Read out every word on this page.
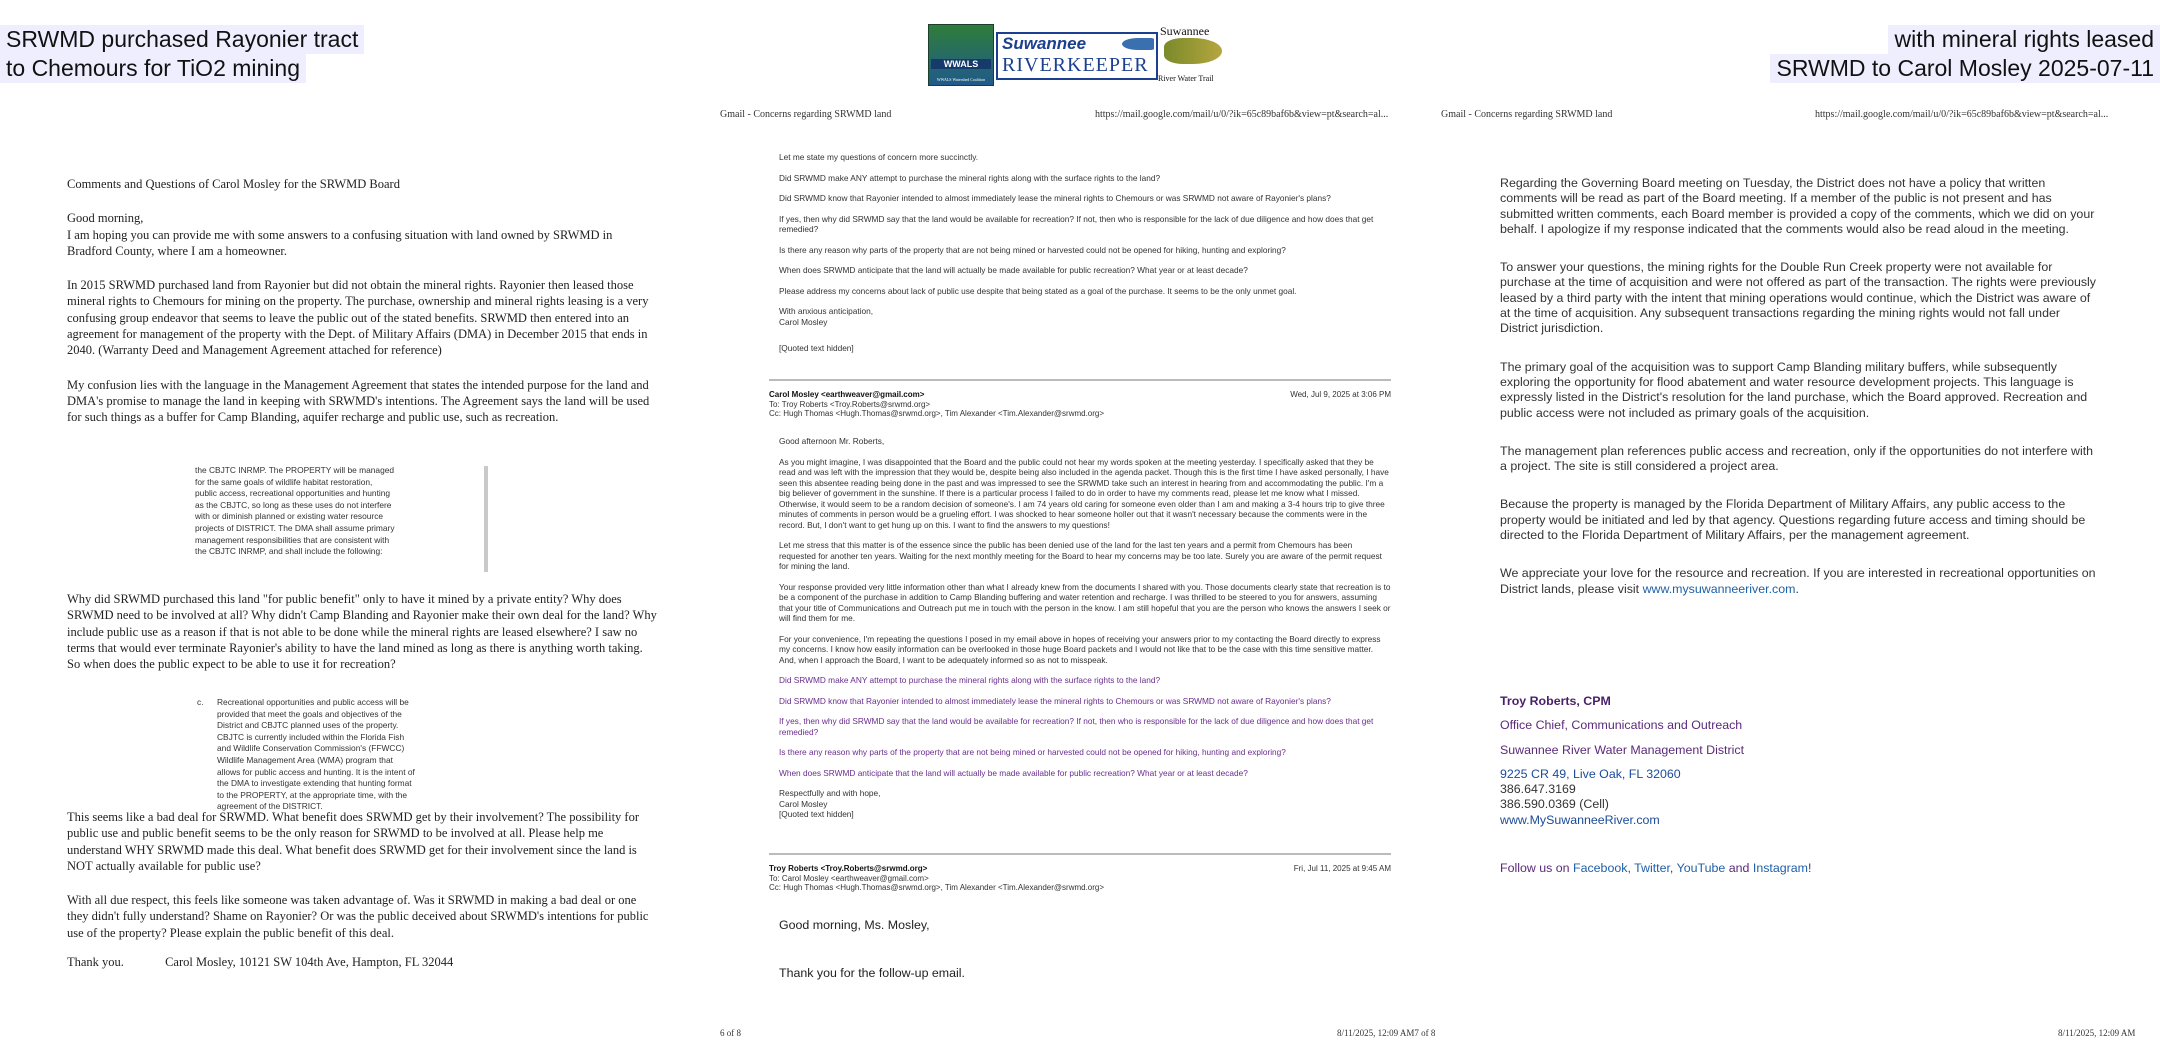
SRWMD purchased Rayonier tract
to Chemours for TiO2 mining
with mineral rights leased
SRWMD to Carol Mosley 2025-07-11
WWALS
WWALS Watershed Coalition
Suwannee
RIVERKEEPER
Suwannee
River Water Trail
Gmail - Concerns regarding SRWMD land	https://mail.google.com/mail/u/0/?ik=65c89baf6b&view=pt&search=al...	Gmail - Concerns regarding SRWMD land	https://mail.google.com/mail/u/0/?ik=65c89baf6b&view=pt&search=al...

Comments and Questions of Carol Mosley for the SRWMD Board

Good morning,

I am hoping you can provide me with some answers to a confusing situation with land owned by SRWMD in Bradford County, where I am a homeowner.

In 2015 SRWMD purchased land from Rayonier but did not obtain the mineral rights. Rayonier then leased those mineral rights to Chemours for mining on the property. The purchase, ownership and mineral rights leasing is a very confusing group endeavor that seems to leave the public out of the stated benefits. SRWMD then entered into an agreement for management of the property with the Dept. of Military Affairs (DMA) in December 2015 that ends in 2040. (Warranty Deed and Management Agreement attached for reference)

My confusion lies with the language in the Management Agreement that states the intended purpose for the land and DMA's promise to manage the land in keeping with SRWMD's intentions. The Agreement says the land will be used for such things as a buffer for Camp Blanding, aquifer recharge and public use, such as recreation.

the CBJTC INRMP. The PROPERTY will be managed for the same goals of wildlife habitat restoration, public access, recreational opportunities and hunting as the CBJTC, so long as these uses do not interfere with or diminish planned or existing water resource projects of DISTRICT. The DMA shall assume primary management responsibilities that are consistent with the CBJTC INRMP, and shall include the following:
Why did SRWMD purchased this land "for public benefit" only to have it mined by a private entity? Why does SRWMD need to be involved at all? Why didn't Camp Blanding and Rayonier make their own deal for the land? Why include public use as a reason if that is not able to be done while the mineral rights are leased elsewhere? I saw no terms that would ever terminate Rayonier's ability to have the land mined as long as there is anything worth taking. So when does the public expect to be able to use it for recreation?
c. Recreational opportunities and public access will be provided that meet the goals and objectives of the District and CBJTC planned uses of the property. CBJTC is currently included within the Florida Fish and Wildlife Conservation Commission's (FFWCC) Wildlife Management Area (WMA) program that allows for public access and hunting. It is the intent of the DMA to investigate extending that hunting format to the PROPERTY, at the appropriate time, with the agreement of the DISTRICT.

This seems like a bad deal for SRWMD. What benefit does SRWMD get by their involvement? The possibility for public use and public benefit seems to be the only reason for SRWMD to be involved at all. Please help me understand WHY SRWMD made this deal. What benefit does SRWMD get for their involvement since the land is NOT actually available for public use?

With all due respect, this feels like someone was taken advantage of. Was it SRWMD in making a bad deal or one they didn't fully understand? Shame on Rayonier? Or was the public deceived about SRWMD's intentions for public use of the property? Please explain the public benefit of this deal.

Thank you.	Carol Mosley, 10121 SW 104th Ave, Hampton, FL 32044
Let me state my questions of concern more succinctly.
Did SRWMD make ANY attempt to purchase the mineral rights along with the surface rights to the land?
Did SRWMD know that Rayonier intended to almost immediately lease the mineral rights to Chemours or was SRWMD not aware of Rayonier's plans?
If yes, then why did SRWMD say that the land would be available for recreation? If not, then who is responsible for the lack of due diligence and how does that get remedied?
Is there any reason why parts of the property that are not being mined or harvested could not be opened for hiking, hunting and exploring?
When does SRWMD anticipate that the land will actually be made available for public recreation? What year or at least decade?
Please address my concerns about lack of public use despite that being stated as a goal of the purchase. It seems to be the only unmet goal.
With anxious anticipation,
Carol Mosley
[Quoted text hidden]
Carol Mosley <earthweaver@gmail.com>	Wed, Jul 9, 2025 at 3:06 PM
To: Troy Roberts <Troy.Roberts@srwmd.org>
Cc: Hugh Thomas <Hugh.Thomas@srwmd.org>, Tim Alexander <Tim.Alexander@srwmd.org>
Good afternoon Mr. Roberts,
As you might imagine, I was disappointed that the Board and the public could not hear my words spoken at the meeting yesterday. I specifically asked that they be read and was left with the impression that they would be, despite being also included in the agenda packet. Though this is the first time I have asked personally, I have seen this absentee reading being done in the past and was impressed to see the SRWMD take such an interest in hearing from and accommodating the public. I'm a big believer of government in the sunshine. If there is a particular process I failed to do in order to have my comments read, please let me know what I missed. Otherwise, it would seem to be a random decision of someone's. I am 74 years old caring for someone even older than I am and making a 3-4 hours trip to give three minutes of comments in person would be a grueling effort. I was shocked to hear someone holler out that it wasn't necessary because the comments were in the record. But, I don't want to get hung up on this. I want to find the answers to my questions!
Let me stress that this matter is of the essence since the public has been denied use of the land for the last ten years and a permit from Chemours has been requested for another ten years. Waiting for the next monthly meeting for the Board to hear my concerns may be too late. Surely you are aware of the permit request for mining the land.
Your response provided very little information other than what I already knew from the documents I shared with you. Those documents clearly state that recreation is to be a component of the purchase in addition to Camp Blanding buffering and water retention and recharge. I was thrilled to be steered to you for answers, assuming that your title of Communications and Outreach put me in touch with the person in the know. I am still hopeful that you are the person who knows the answers I seek or will find them for me.
For your convenience, I'm repeating the questions I posed in my email above in hopes of receiving your answers prior to my contacting the Board directly to express my concerns. I know how easily information can be overlooked in those huge Board packets and I would not like that to be the case with this time sensitive matter. And, when I approach the Board, I want to be adequately informed so as not to misspeak.
Did SRWMD make ANY attempt to purchase the mineral rights along with the surface rights to the land?
Did SRWMD know that Rayonier intended to almost immediately lease the mineral rights to Chemours or was SRWMD not aware of Rayonier's plans?
If yes, then why did SRWMD say that the land would be available for recreation? If not, then who is responsible for the lack of due diligence and how does that get remedied?
Is there any reason why parts of the property that are not being mined or harvested could not be opened for hiking, hunting and exploring?
When does SRWMD anticipate that the land will actually be made available for public recreation? What year or at least decade?
Respectfully and with hope,
Carol Mosley
[Quoted text hidden]
Troy Roberts <Troy.Roberts@srwmd.org>	Fri, Jul 11, 2025 at 9:45 AM
To: Carol Mosley <earthweaver@gmail.com>
Cc: Hugh Thomas <Hugh.Thomas@srwmd.org>, Tim Alexander <Tim.Alexander@srwmd.org>
Good morning, Ms. Mosley,
Thank you for the follow-up email.

Regarding the Governing Board meeting on Tuesday, the District does not have a policy that written comments will be read as part of the Board meeting. If a member of the public is not present and has submitted written comments, each Board member is provided a copy of the comments, which we did on your behalf. I apologize if my response indicated that the comments would also be read aloud in the meeting.

To answer your questions, the mining rights for the Double Run Creek property were not available for purchase at the time of acquisition and were not offered as part of the transaction. The rights were previously leased by a third party with the intent that mining operations would continue, which the District was aware of at the time of acquisition. Any subsequent transactions regarding the mining rights would not fall under District jurisdiction.

The primary goal of the acquisition was to support Camp Blanding military buffers, while subsequently exploring the opportunity for flood abatement and water resource development projects. This language is expressly listed in the District's resolution for the land purchase, which the Board approved. Recreation and public access were not included as primary goals of the acquisition.

The management plan references public access and recreation, only if the opportunities do not interfere with a project. The site is still considered a project area.

Because the property is managed by the Florida Department of Military Affairs, any public access to the property would be initiated and led by that agency. Questions regarding future access and timing should be directed to the Florida Department of Military Affairs, per the management agreement.

We appreciate your love for the resource and recreation. If you are interested in recreational opportunities on District lands, please visit www.mysuwanneeriver.com.

Troy Roberts, CPM
Office Chief, Communications and Outreach
Suwannee River Water Management District
9225 CR 49, Live Oak, FL 32060
386.647.3169
386.590.0369 (Cell)
www.MySuwanneeRiver.com
Follow us on Facebook, Twitter, YouTube and Instagram!
6 of 8	8/11/2025, 12:09 AM7 of 8	8/11/2025, 12:09 AM
